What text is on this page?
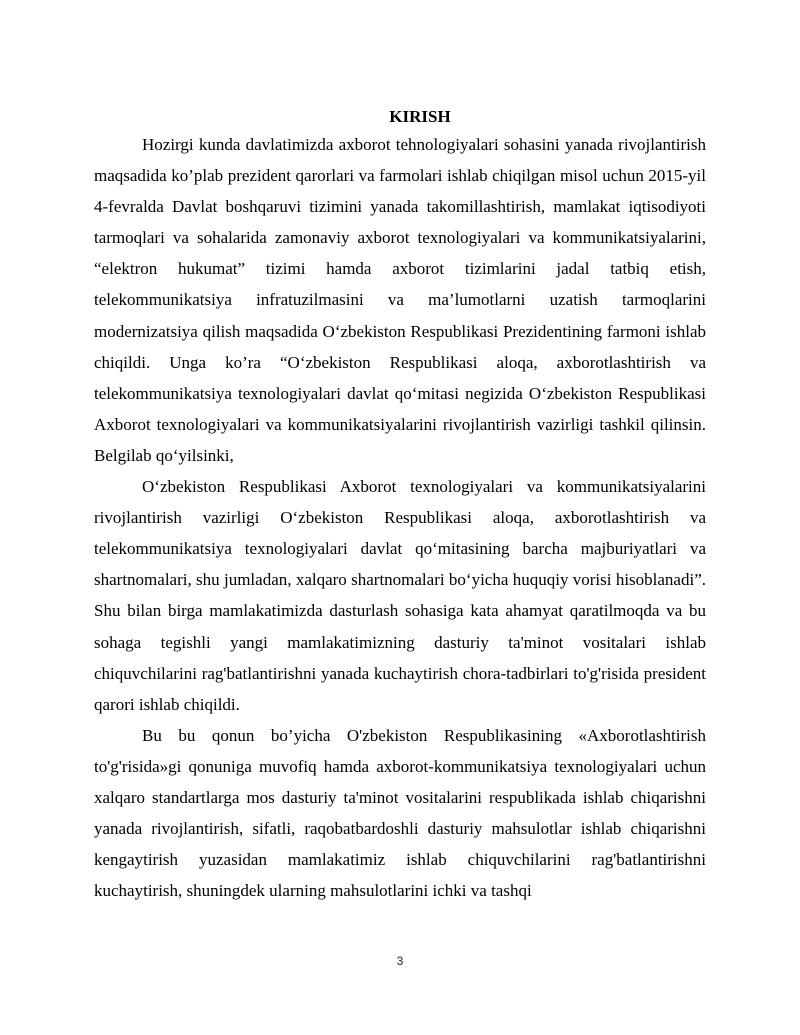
KIRISH

Hozirgi kunda davlatimizda axborot tehnologiyalari sohasini yanada rivojlantirish maqsadida ko’plab prezident qarorlari va farmolari ishlab chiqilgan misol uchun 2015-yil 4-fevralda Davlat boshqaruvi tizimini yanada takomillashtirish, mamlakat iqtisodiyoti tarmoqlari va sohalarida zamonaviy axborot texnologiyalari va kommunikatsiyalarini, “elektron hukumat” tizimi hamda axborot tizimlarini jadal tatbiq etish, telekommunikatsiya infratuzilmasini va ma’lumotlarni uzatish tarmoqlarini modernizatsiya qilish maqsadida O‘zbekiston Respublikasi Prezidentining farmoni ishlab chiqildi. Unga ko’ra “O‘zbekiston Respublikasi aloqa, axborotlashtirish va telekommunikatsiya texnologiyalari davlat qo‘mitasi negizida O‘zbekiston Respublikasi Axborot texnologiyalari va kommunikatsiyalarini rivojlantirish vazirligi tashkil qilinsin. Belgilab qo‘yilsinki,

O‘zbekiston Respublikasi Axborot texnologiyalari va kommunikatsiyalarini rivojlantirish vazirligi O‘zbekiston Respublikasi aloqa, axborotlashtirish va telekommunikatsiya texnologiyalari davlat qo‘mitasining barcha majburiyatlari va shartnomalari, shu jumladan, xalqaro shartnomalari bo‘yicha huquqiy vorisi hisoblanadi”. Shu bilan birga mamlakatimizda dasturlash sohasiga kata ahamyat qaratilmoqda va bu sohaga tegishli yangi mamlakatimizning dasturiy ta'minot vositalari ishlab chiquvchilarini rag'batlantirishni yanada kuchaytirish chora-tadbirlari to'g'risida president qarori ishlab chiqildi.

Bu bu qonun bo’yicha O'zbekiston Respublikasining «Axborotlashtirish to'g'risida»gi qonuniga muvofiq hamda axborot-kommunikatsiya texnologiyalari uchun xalqaro standartlarga mos dasturiy ta'minot vositalarini respublikada ishlab chiqarishni yanada rivojlantirish, sifatli, raqobatbardoshli dasturiy mahsulotlar ishlab chiqarishni kengaytirish yuzasidan mamlakatimiz ishlab chiquvchilarini rag'batlantirishni kuchaytirish, shuningdek ularning mahsulotlarini ichki va tashqi

3
